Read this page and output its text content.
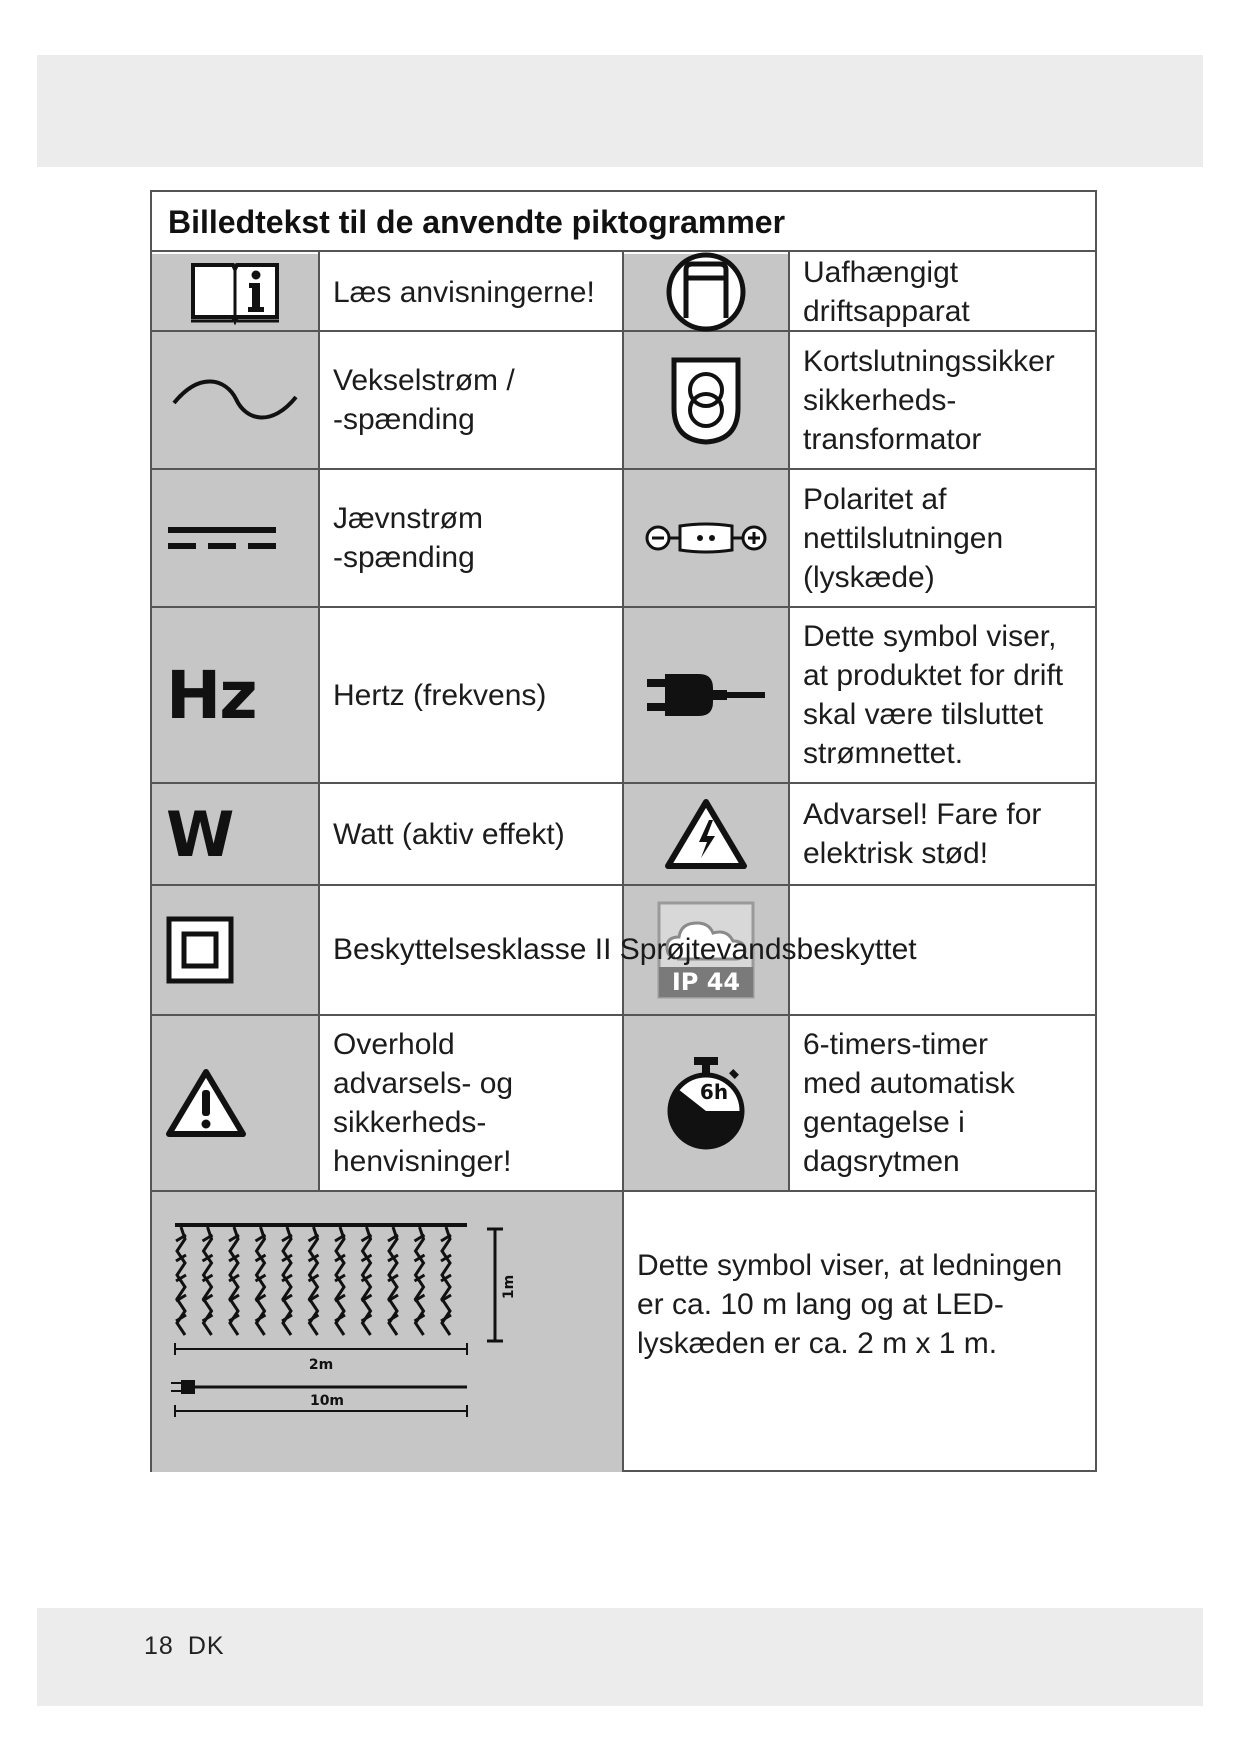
Billedtekst til de anvendte piktogrammer
Læs anvisningerne!
Uafhængigt
driftsapparat
Vekselstrøm /
-spænding
Kortslutningssikker
sikkerheds-
transformator
Jævnstrøm
-spænding
Polaritet af
nettilslutningen
(lyskæde)
Hz	Hertz (frekvens)
Dette symbol viser,
at produktet for drift
skal være tilsluttet
strømnettet.
W	Watt (aktiv effekt)
Advarsel! Fare for
elektrisk stød!
IP 44
Beskyttelsesklasse II
Sprøjtevandsbeskyttet
Overhold
advarsels- og
sikkerheds-
henvisninger!
6h
6-timers-timer
med automatisk
gentagelse i
dagsrytmen
1m
2m
10m
Dette symbol viser, at ledningen
er ca. 10 m lang og at LED-
lyskæden er ca. 2 m x 1 m.
18 DK
